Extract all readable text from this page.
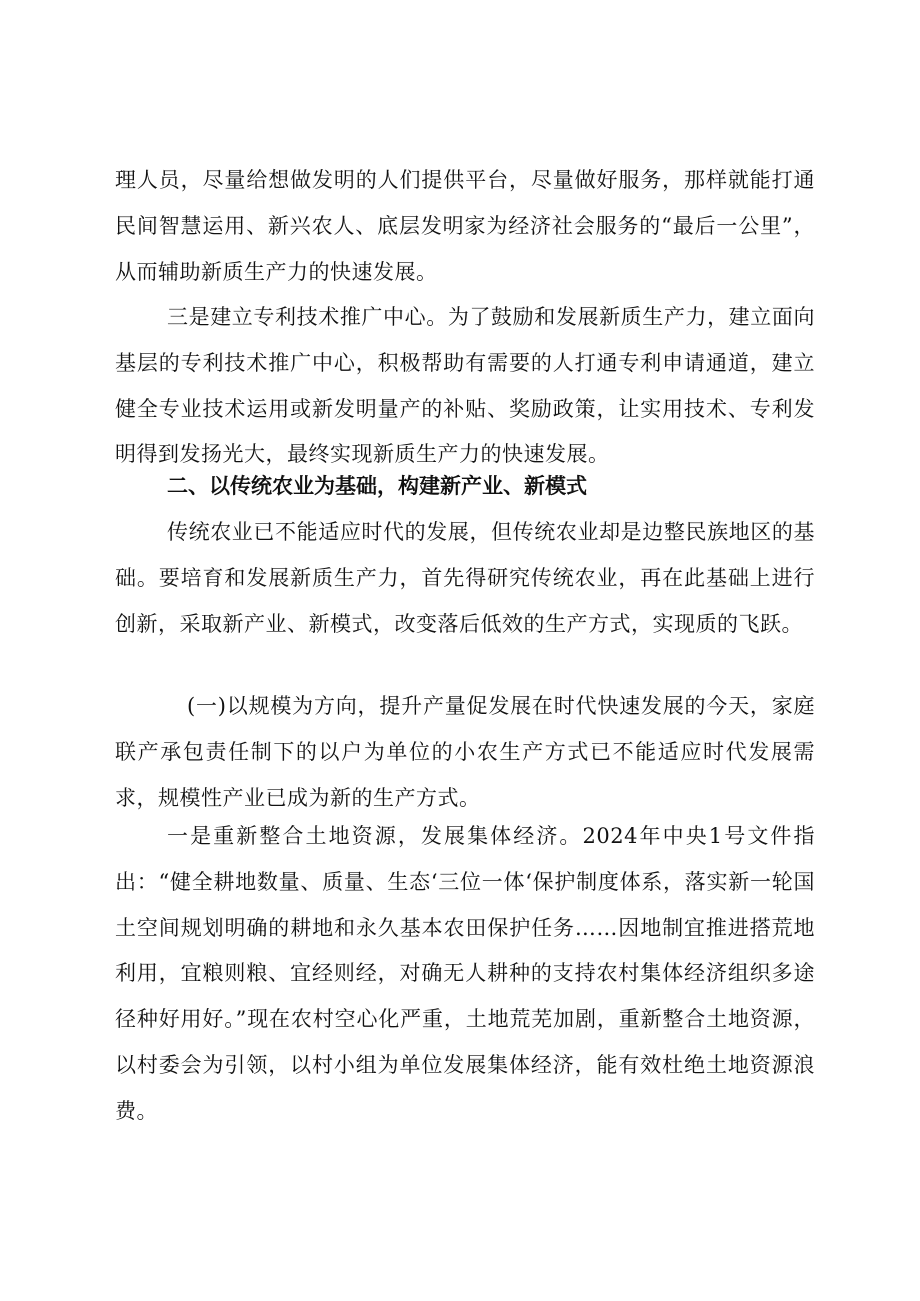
理人员，尽量给想做发明的人们提供平台，尽量做好服务，那样就能打通民间智慧运用、新兴农人、底层发明家为经济社会服务的“最后一公里”，从而辅助新质生产力的快速发展。

三是建立专利技术推广中心。为了鼓励和发展新质生产力，建立面向基层的专利技术推广中心，积极帮助有需要的人打通专利申请通道，建立健全专业技术运用或新发明量产的补贴、奖励政策，让实用技术、专利发明得到发扬光大，最终实现新质生产力的快速发展。

二、以传统农业为基础，构建新产业、新模式

传统农业已不能适应时代的发展，但传统农业却是边整民族地区的基础。要培育和发展新质生产力，首先得研究传统农业，再在此基础上进行创新，采取新产业、新模式，改变落后低效的生产方式，实现质的飞跃。

(一)以规模为方向，提升产量促发展在时代快速发展的今天，家庭联产承包责任制下的以户为单位的小农生产方式已不能适应时代发展需求，规模性产业已成为新的生产方式。

一是重新整合土地资源，发展集体经济。2024年中央1号文件指出：“健全耕地数量、质量、生态‘三位一体‘保护制度体系，落实新一轮国土空间规划明确的耕地和永久基本农田保护任务……因地制宜推进搭荒地利用，宜粮则粮、宜经则经，对确无人耕种的支持农村集体经济组织多途径种好用好。”现在农村空心化严重，土地荒芜加剧，重新整合土地资源，以村委会为引领，以村小组为单位发展集体经济，能有效杜绝土地资源浪费。
